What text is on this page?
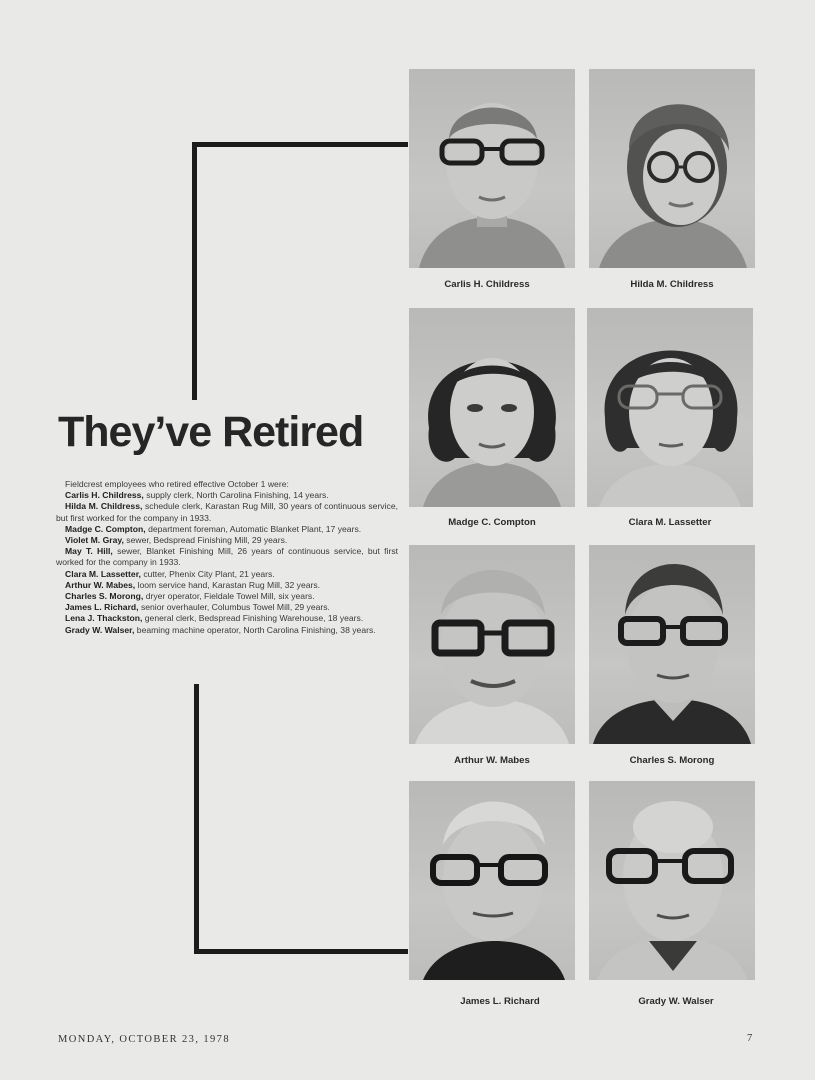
They’ve Retired
Fieldcrest employees who retired effective October 1 were:
Carlis H. Childress, supply clerk, North Carolina Finishing, 14 years.
Hilda M. Childress, schedule clerk, Karastan Rug Mill, 30 years of continuous service, but first worked for the company in 1933.
Madge C. Compton, department foreman, Automatic Blanket Plant, 17 years.
Violet M. Gray, sewer, Bedspread Finishing Mill, 29 years.
May T. Hill, sewer, Blanket Finishing Mill, 26 years of continuous service, but first worked for the company in 1933.
Clara M. Lassetter, cutter, Phenix City Plant, 21 years.
Arthur W. Mabes, loom service hand, Karastan Rug Mill, 32 years.
Charles S. Morong, dryer operator, Fieldale Towel Mill, six years.
James L. Richard, senior overhauler, Columbus Towel Mill, 29 years.
Lena J. Thackston, general clerk, Bedspread Finishing Warehouse, 18 years.
Grady W. Walser, beaming machine operator, North Carolina Finishing, 38 years.
Carlis H. Childress	Hilda M. Childress
Madge C. Compton	Clara M. Lassetter
Arthur W. Mabes	Charles S. Morong
James L. Richard	Grady W. Walser
MONDAY, OCTOBER 23, 1978	7
